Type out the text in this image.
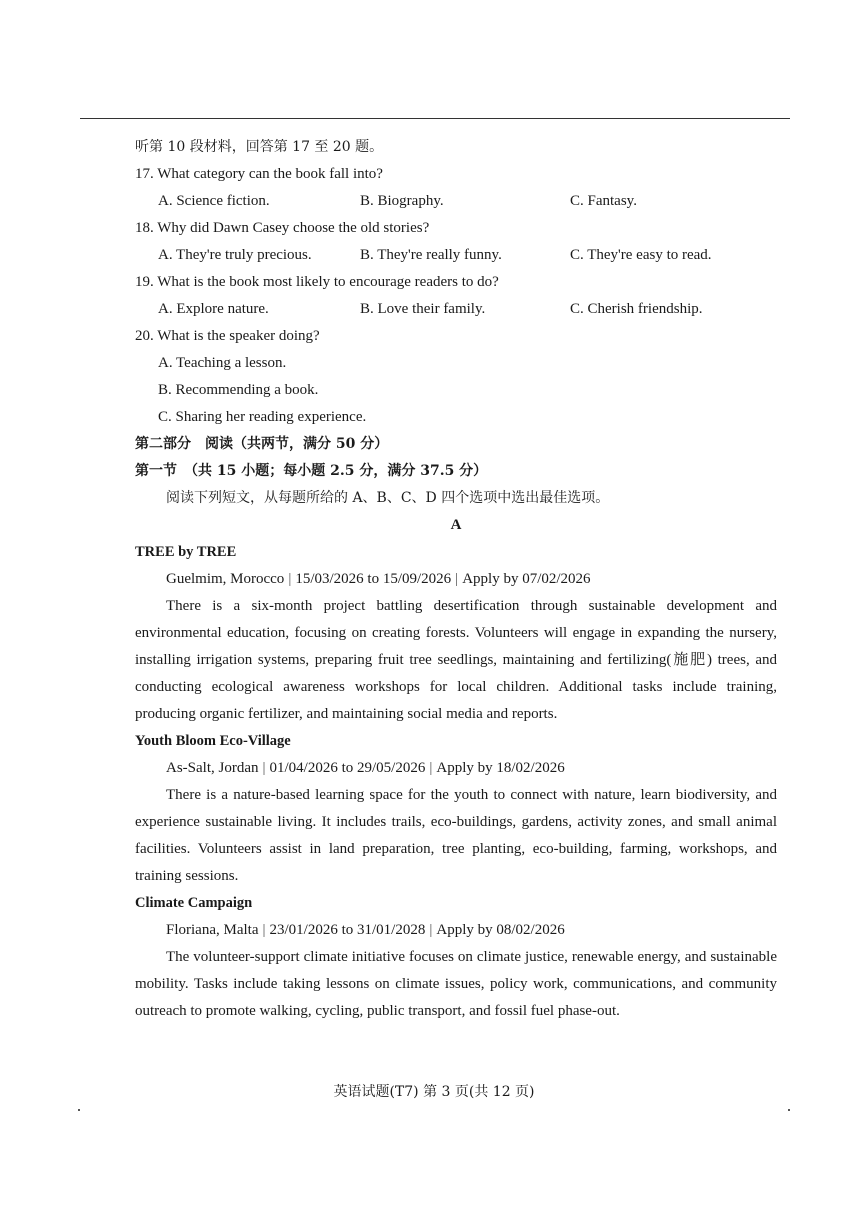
听第 10 段材料，回答第 17 至 20 题。
17. What category can the book fall into?
A. Science fiction.	B. Biography.	C. Fantasy.
18. Why did Dawn Casey choose the old stories?
A. They're truly precious.	B. They're really funny.	C. They're easy to read.
19. What is the book most likely to encourage readers to do?
A. Explore nature.	B. Love their family.	C. Cherish friendship.
20. What is the speaker doing?
A. Teaching a lesson.
B. Recommending a book.
C. Sharing her reading experience.
第二部分　阅读（共两节，满分 50 分）
第一节　（共 15 小题；每小题 2.5 分，满分 37.5 分）
阅读下列短文，从每题所给的 A、B、C、D 四个选项中选出最佳选项。
A
TREE by TREE
Guelmim, Morocco | 15/03/2026 to 15/09/2026 | Apply by 07/02/2026

There is a six-month project battling desertification through sustainable development and environmental education, focusing on creating forests. Volunteers will engage in expanding the nursery, installing irrigation systems, preparing fruit tree seedlings, maintaining and fertilizing(施肥) trees, and conducting ecological awareness workshops for local children. Additional tasks include training, producing organic fertilizer, and maintaining social media and reports.

Youth Bloom Eco-Village
As-Salt, Jordan | 01/04/2026 to 29/05/2026 | Apply by 18/02/2026

There is a nature-based learning space for the youth to connect with nature, learn biodiversity, and experience sustainable living. It includes trails, eco-buildings, gardens, activity zones, and small animal facilities. Volunteers assist in land preparation, tree planting, eco-building, farming, workshops, and training sessions.

Climate Campaign
Floriana, Malta | 23/01/2026 to 31/01/2028 | Apply by 08/02/2026

The volunteer-support climate initiative focuses on climate justice, renewable energy, and sustainable mobility. Tasks include taking lessons on climate issues, policy work, communications, and community outreach to promote walking, cycling, public transport, and fossil fuel phase-out.

英语试题(T7) 第 3 页(共 12 页)
